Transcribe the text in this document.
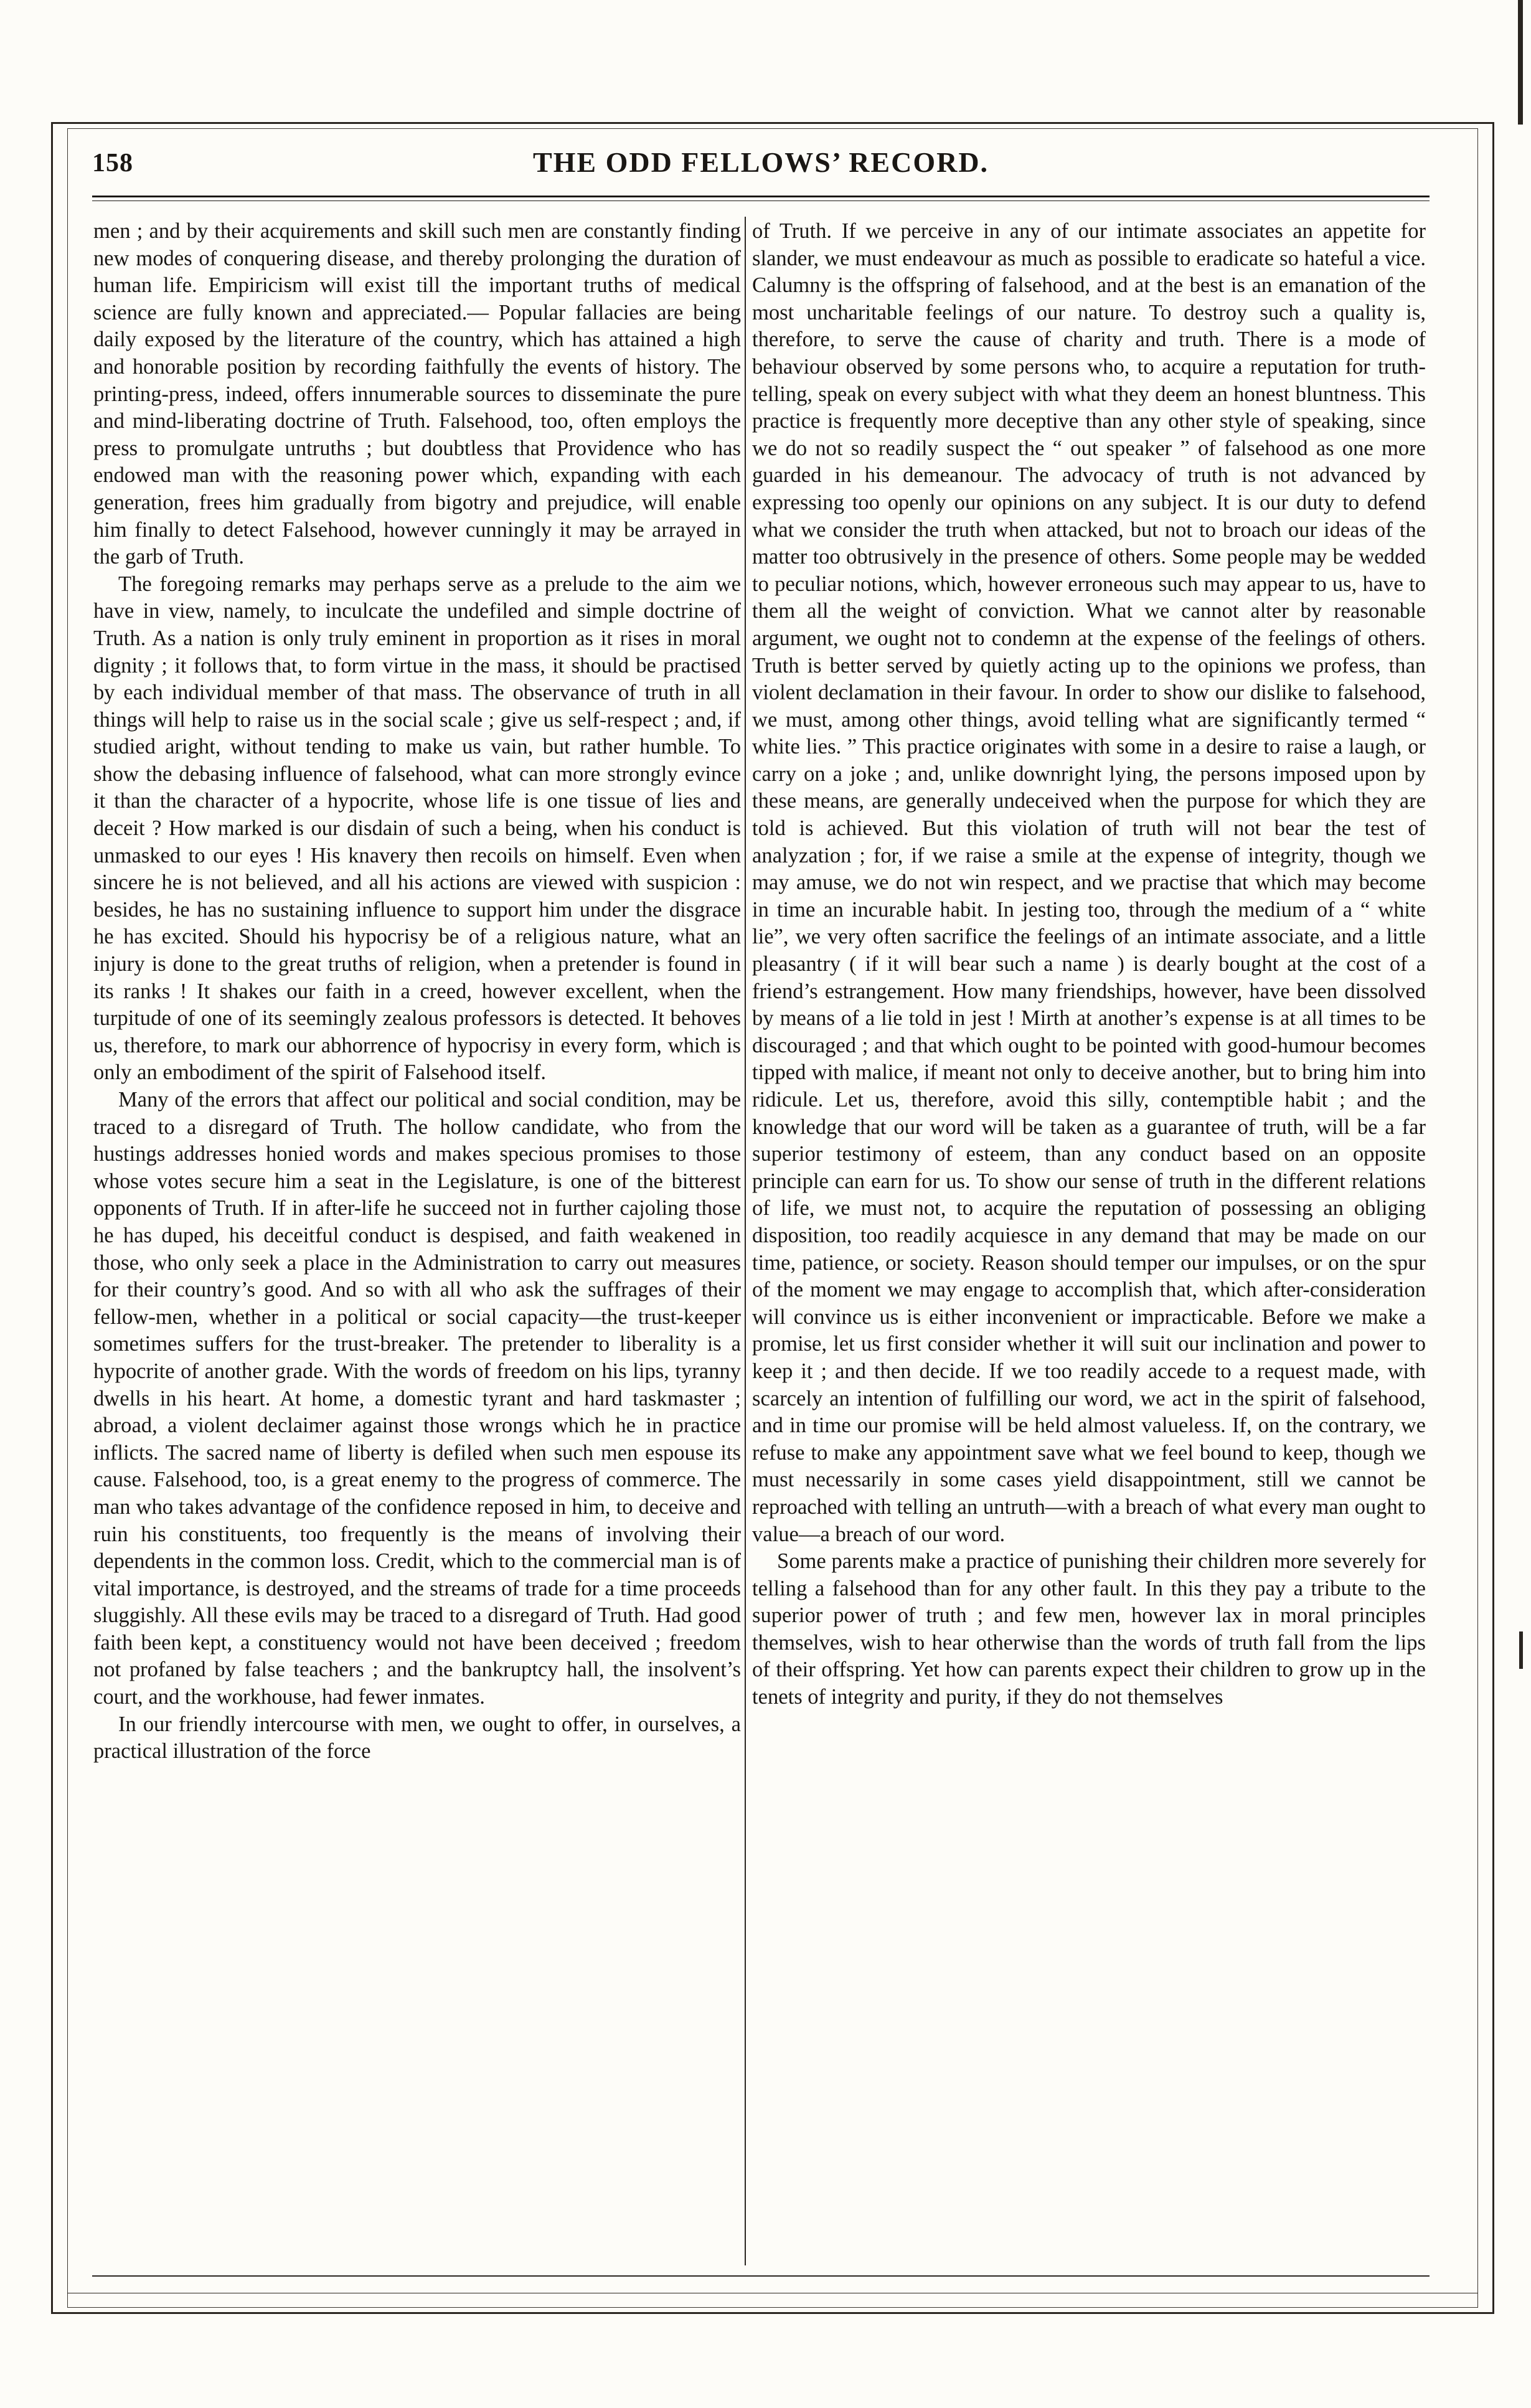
158	THE ODD FELLOWS’ RECORD.

men ; and by their acquirements and skill such men are constantly finding new modes of conquering disease, and thereby prolonging the duration of human life. Empiricism will exist till the important truths of medical science are fully known and appreciated.— Popular fallacies are being daily exposed by the literature of the country, which has attained a high and honorable position by recording faithfully the events of history. The printing-press, indeed, offers innumerable sources to disseminate the pure and mind-liberating doctrine of Truth. Falsehood, too, often employs the press to promulgate untruths ; but doubtless that Providence who has endowed man with the reasoning power which, expanding with each generation, frees him gradually from bigotry and prejudice, will enable him finally to detect Falsehood, however cunningly it may be arrayed in the garb of Truth.

The foregoing remarks may perhaps serve as a prelude to the aim we have in view, namely, to inculcate the undefiled and simple doctrine of Truth. As a nation is only truly eminent in proportion as it rises in moral dignity ; it follows that, to form virtue in the mass, it should be practised by each individual member of that mass. The observance of truth in all things will help to raise us in the social scale ; give us self-respect ; and, if studied aright, without tending to make us vain, but rather humble. To show the debasing influence of falsehood, what can more strongly evince it than the character of a hypocrite, whose life is one tissue of lies and deceit ? How marked is our disdain of such a being, when his conduct is unmasked to our eyes ! His knavery then recoils on himself. Even when sincere he is not believed, and all his actions are viewed with suspicion : besides, he has no sustaining influence to support him under the disgrace he has excited. Should his hypocrisy be of a religious nature, what an injury is done to the great truths of religion, when a pretender is found in its ranks ! It shakes our faith in a creed, however excellent, when the turpitude of one of its seemingly zealous professors is detected. It behoves us, therefore, to mark our abhorrence of hypocrisy in every form, which is only an embodiment of the spirit of Falsehood itself.

Many of the errors that affect our political and social condition, may be traced to a disregard of Truth. The hollow candidate, who from the hustings addresses honied words and makes specious promises to those whose votes secure him a seat in the Legislature, is one of the bitterest opponents of Truth. If in after-life he succeed not in further cajoling those he has duped, his deceitful conduct is despised, and faith weakened in those, who only seek a place in the Administration to carry out measures for their country’s good. And so with all who ask the suffrages of their fellow-men, whether in a political or social capacity—the trust-keeper sometimes suffers for the trust-breaker. The pretender to liberality is a hypocrite of another grade. With the words of freedom on his lips, tyranny dwells in his heart. At home, a domestic tyrant and hard taskmaster ; abroad, a violent declaimer against those wrongs which he in practice inflicts. The sacred name of liberty is defiled when such men espouse its cause. Falsehood, too, is a great enemy to the progress of commerce. The man who takes advantage of the confidence reposed in him, to deceive and ruin his constituents, too frequently is the means of involving their dependents in the common loss. Credit, which to the commercial man is of vital importance, is destroyed, and the streams of trade for a time proceeds sluggishly. All these evils may be traced to a disregard of Truth. Had good faith been kept, a constituency would not have been deceived ; freedom not profaned by false teachers ; and the bankruptcy hall, the insolvent’s court, and the workhouse, had fewer inmates.

In our friendly intercourse with men, we ought to offer, in ourselves, a practical illustration of the force

of Truth. If we perceive in any of our intimate associates an appetite for slander, we must endeavour as much as possible to eradicate so hateful a vice. Calumny is the offspring of falsehood, and at the best is an emanation of the most uncharitable feelings of our nature. To destroy such a quality is, therefore, to serve the cause of charity and truth. There is a mode of behaviour observed by some persons who, to acquire a reputation for truth-telling, speak on every subject with what they deem an honest bluntness. This practice is frequently more deceptive than any other style of speaking, since we do not so readily suspect the “ out speaker ” of falsehood as one more guarded in his demeanour. The advocacy of truth is not advanced by expressing too openly our opinions on any subject. It is our duty to defend what we consider the truth when attacked, but not to broach our ideas of the matter too obtrusively in the presence of others. Some people may be wedded to peculiar notions, which, however erroneous such may appear to us, have to them all the weight of conviction. What we cannot alter by reasonable argument, we ought not to condemn at the expense of the feelings of others. Truth is better served by quietly acting up to the opinions we profess, than violent declamation in their favour. In order to show our dislike to falsehood, we must, among other things, avoid telling what are significantly termed “ white lies. ” This practice originates with some in a desire to raise a laugh, or carry on a joke ; and, unlike downright lying, the persons imposed upon by these means, are generally undeceived when the purpose for which they are told is achieved. But this violation of truth will not bear the test of analyzation ; for, if we raise a smile at the expense of integrity, though we may amuse, we do not win respect, and we practise that which may become in time an incurable habit. In jesting too, through the medium of a “ white lie”, we very often sacrifice the feelings of an intimate associate, and a little pleasantry ( if it will bear such a name ) is dearly bought at the cost of a friend’s estrangement. How many friendships, however, have been dissolved by means of a lie told in jest ! Mirth at another’s expense is at all times to be discouraged ; and that which ought to be pointed with good-humour becomes tipped with malice, if meant not only to deceive another, but to bring him into ridicule. Let us, therefore, avoid this silly, contemptible habit ; and the knowledge that our word will be taken as a guarantee of truth, will be a far superior testimony of esteem, than any conduct based on an opposite principle can earn for us. To show our sense of truth in the different relations of life, we must not, to acquire the reputation of possessing an obliging disposition, too readily acquiesce in any demand that may be made on our time, patience, or society. Reason should temper our impulses, or on the spur of the moment we may engage to accomplish that, which after-consideration will convince us is either inconvenient or impracticable. Before we make a promise, let us first consider whether it will suit our inclination and power to keep it ; and then decide. If we too readily accede to a request made, with scarcely an intention of fulfilling our word, we act in the spirit of falsehood, and in time our promise will be held almost valueless. If, on the contrary, we refuse to make any appointment save what we feel bound to keep, though we must necessarily in some cases yield disappointment, still we cannot be reproached with telling an untruth—with a breach of what every man ought to value—a breach of our word.

Some parents make a practice of punishing their children more severely for telling a falsehood than for any other fault. In this they pay a tribute to the superior power of truth ; and few men, however lax in moral principles themselves, wish to hear otherwise than the words of truth fall from the lips of their offspring. Yet how can parents expect their children to grow up in the tenets of integrity and purity, if they do not themselves
